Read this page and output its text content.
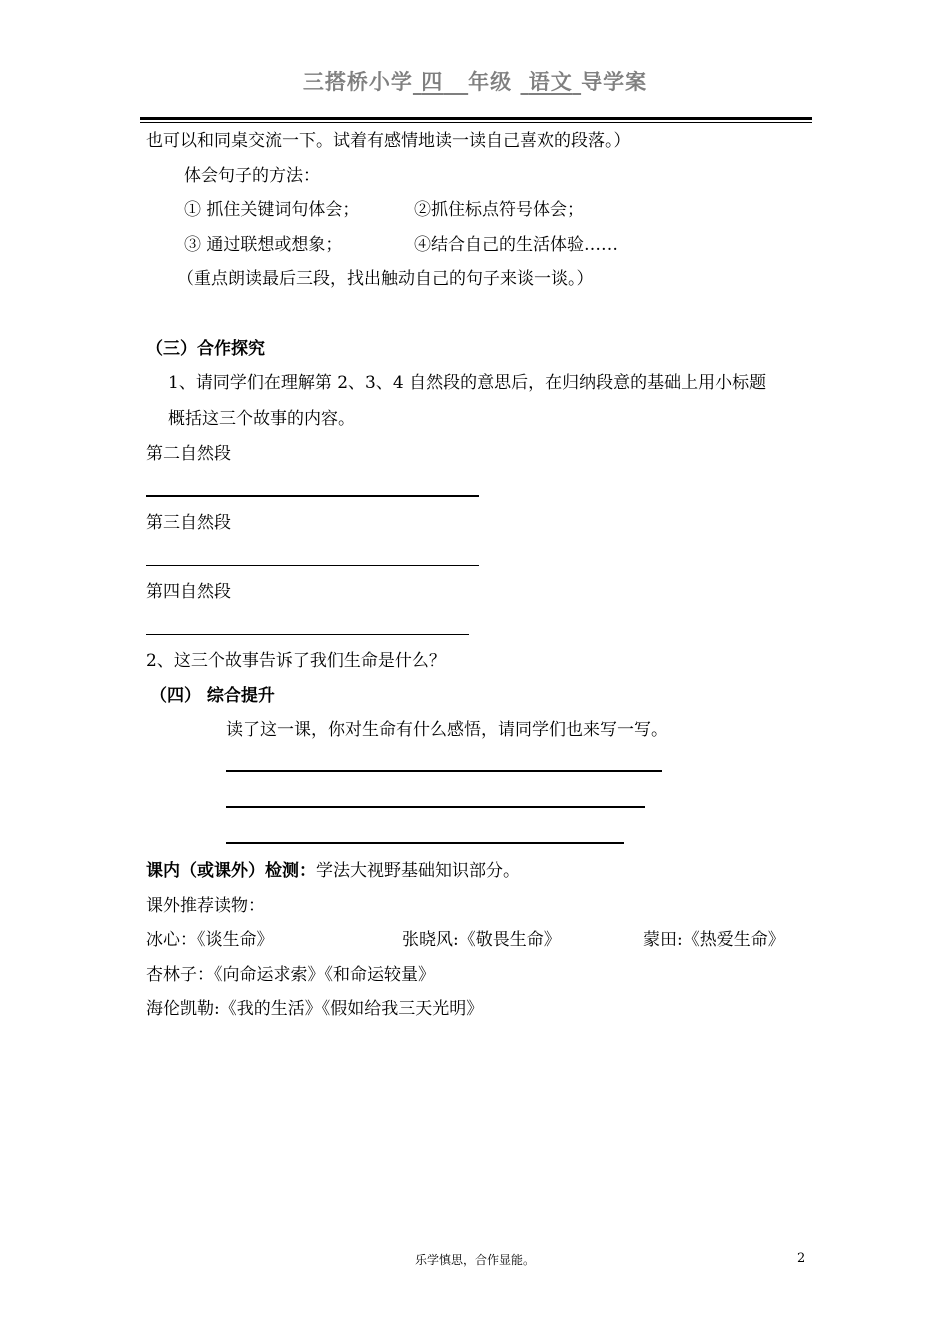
三搭桥小学 四 年级 语文 导学案
也可以和同桌交流一下。试着有感情地读一读自己喜欢的段落。）
体会句子的方法：
① 抓住关键词句体会；	②抓住标点符号体会；
③ 通过联想或想象；	④结合自己的生活体验……
（重点朗读最后三段，找出触动自己的句子来谈一谈。）
（三）合作探究
1、请同学们在理解第 2、3、4 自然段的意思后，在归纳段意的基础上用小标题
概括这三个故事的内容。
第二自然段
第三自然段
第四自然段
2、这三个故事告诉了我们生命是什么？
（四） 综合提升
读了这一课，你对生命有什么感悟，请同学们也来写一写。
课内（或课外）检测：学法大视野基础知识部分。
课外推荐读物：
冰心：《谈生命》	张晓风:《敬畏生命》	蒙田:《热爱生命》
杏林子：《向命运求索》《和命运较量》
海伦凯勒:《我的生活》《假如给我三天光明》
乐学慎思，合作显能。	2
